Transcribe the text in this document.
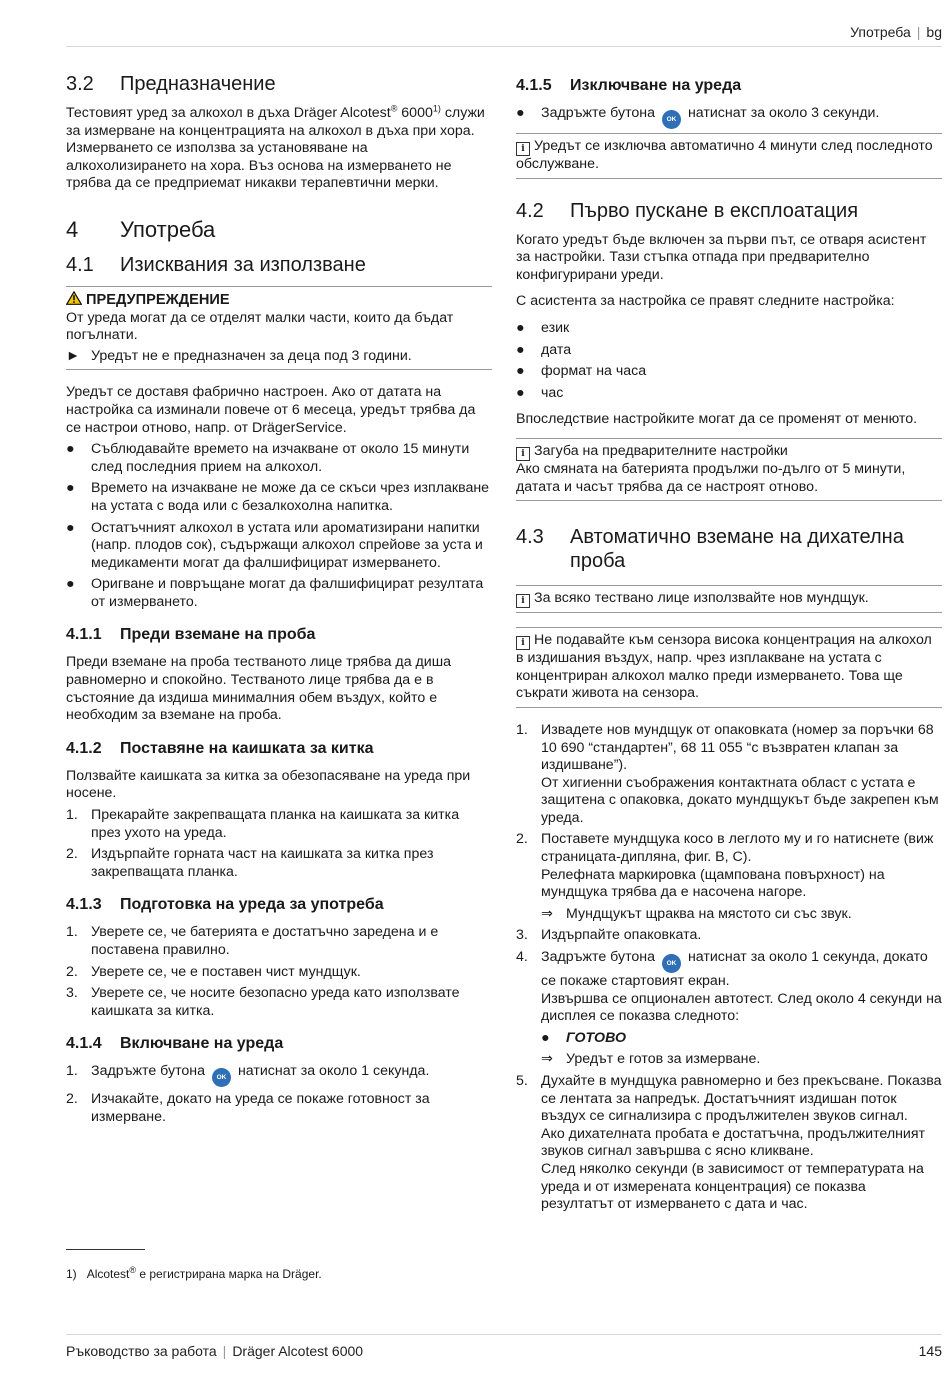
Употреба | bg
3.2	Предназначение

Тестовият уред за алкохол в дъха Dräger Alcotest® 6000$^{1)}$ служи за измерване на концентрацията на алкохол в дъха при хора. Измерването се използва за установяване на алкохолизирането на хора. Въз основа на измерването не трябва да се предприемат никакви терапевтични мерки.

4	Употреба
4.1	Изисквания за използване
ПРЕДУПРЕЖДЕНИЕ
От уреда могат да се отделят малки части, които да бъдат погълнати.
► Уредът не е предназначен за деца под 3 години.

Уредът се доставя фабрично настроен. Ако от датата на настройка са изминали повече от 6 месеца, уредът трябва да се настрои отново, напр. от DrägerService.

●	Съблюдавайте времето на изчакване от около 15 минути след последния прием на алкохол.
●	Времето на изчакване не може да се скъси чрез изплакване на устата с вода или с безалкохолна напитка.
●	Остатъчният алкохол в устата или ароматизирани напитки (напр. плодов сок), съдържащи алкохол спрейове за уста и медикаменти могат да фалшифицират измерването.
●	Оригване и повръщане могат да фалшифицират резултата от измерването.
4.1.1	Преди вземане на проба

Преди вземане на проба тестваното лице трябва да диша равномерно и спокойно. Тестваното лице трябва да е в състояние да издиша минималния обем въздух, който е необходим за вземане на проба.

4.1.2	Поставяне на каишката за китка

Ползвайте каишката за китка за обезопасяване на уреда при носене.

1. Прекарайте закрепващата планка на каишката за китка през ухото на уреда.
2. Издърпайте горната част на каишката за китка през закрепващата планка.
4.1.3	Подготовка на уреда за употреба
1. Уверете се, че батерията е достатъчно заредена и е поставена правилно.
2. Уверете се, че е поставен чист мундщук.
3. Уверете се, че носите безопасно уреда като използвате каишката за китка.
4.1.4	Включване на уреда
1. Задръжте бутона OK натиснат за около 1 секунда.
2. Изчакайте, докато на уреда се покаже готовност за измерване.
4.1.5	Изключване на уреда
●	Задръжте бутона OK натиснат за около 3 секунди.
i Уредът се изключва автоматично 4 минути след последното обслужване.
4.2	Първо пускане в експлоатация

Когато уредът бъде включен за първи път, се отваря асистент за настройки. Тази стъпка отпада при предварително конфигурирани уреди.

С асистента за настройка се правят следните настройка:

●	език
●	дата
●	формат на часа
●	час

Впоследствие настройките могат да се променят от менюто.

i Загуба на предварителните настройки
Ако смяната на батерията продължи по-дълго от 5 минути, датата и часът трябва да се настроят отново.
4.3	Автоматично вземане на дихателна проба
i За всяко тествано лице използвайте нов мундщук.
i Не подавайте към сензора висока концентрация на алкохол в издишания въздух, напр. чрез изплакване на устата с концентриран алкохол малко преди измерването. Това ще съкрати живота на сензора.
1. Извадете нов мундщук от опаковката (номер за поръчки 68 10 690 “стандартен”, 68 11 055 “с възвратен клапан за издишване”).
От хигиенни съображения контактната област с устата е защитена с опаковка, докато мундщукът бъде закрепен към уреда.
2. Поставете мундщука косо в леглото му и го натиснете (виж страницата-диплянa, фиг. B, C).
Релефната маркировка (щампована повърхност) на мундщука трябва да е насочена нагоре.
⇒ Мундщукът щраква на мястото си със звук.
3. Издърпайте опаковката.
4. Задръжте бутона OK натиснат за около 1 секунда, докато се покаже стартовият екран.
Извършва се опционален автотест. След около 4 секунди на дисплея се показва следното:
●	ГОТОВО
⇒ Уредът е готов за измерване.
5. Духайте в мундщука равномерно и без прекъсване. Показва се лентата за напредък. Достатъчният издишан поток въздух се сигнализира с продължителен звуков сигнал.
Ако дихателната пробата е достатъчна, продължителният звуков сигнал завършва с ясно кликване.
След няколко секунди (в зависимост от температурата на уреда и от измерената концентрация) се показва резултатът от измерването с дата и час.
1) Alcotest® е регистрирана марка на Dräger.
Ръководство за работа | Dräger Alcotest 6000	145
